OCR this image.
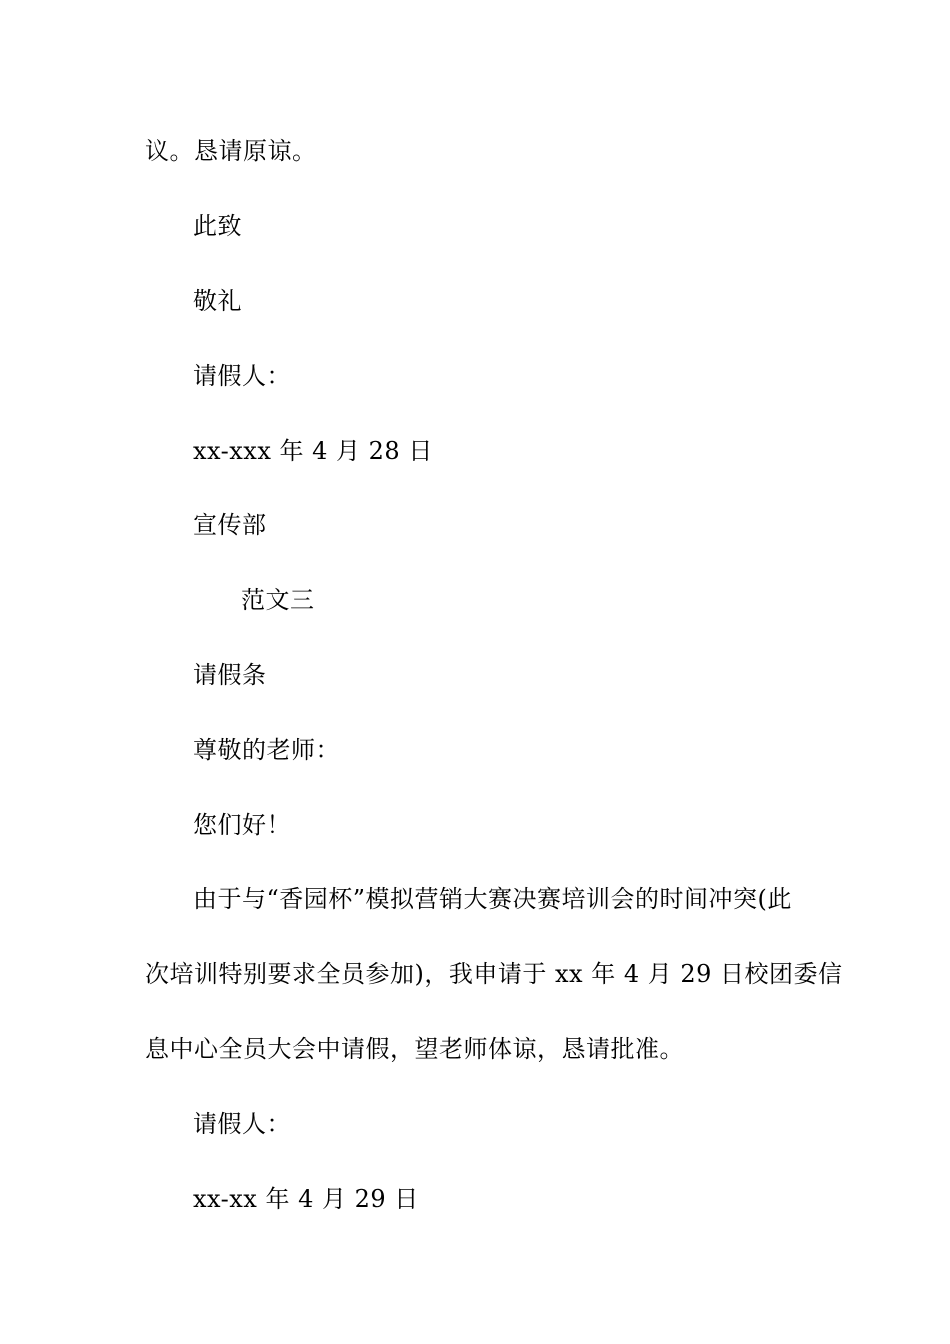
议。恳请原谅。
此致
敬礼
请假人：
xx-xxx 年 4 月 28 日
宣传部
范文三
请假条
尊敬的老师：
您们好！
由于与“香园杯”模拟营销大赛决赛培训会的时间冲突(此
次培训特别要求全员参加)，我申请于 xx 年 4 月 29 日校团委信
息中心全员大会中请假，望老师体谅，恳请批准。
请假人：
xx-xx 年 4 月 29 日
